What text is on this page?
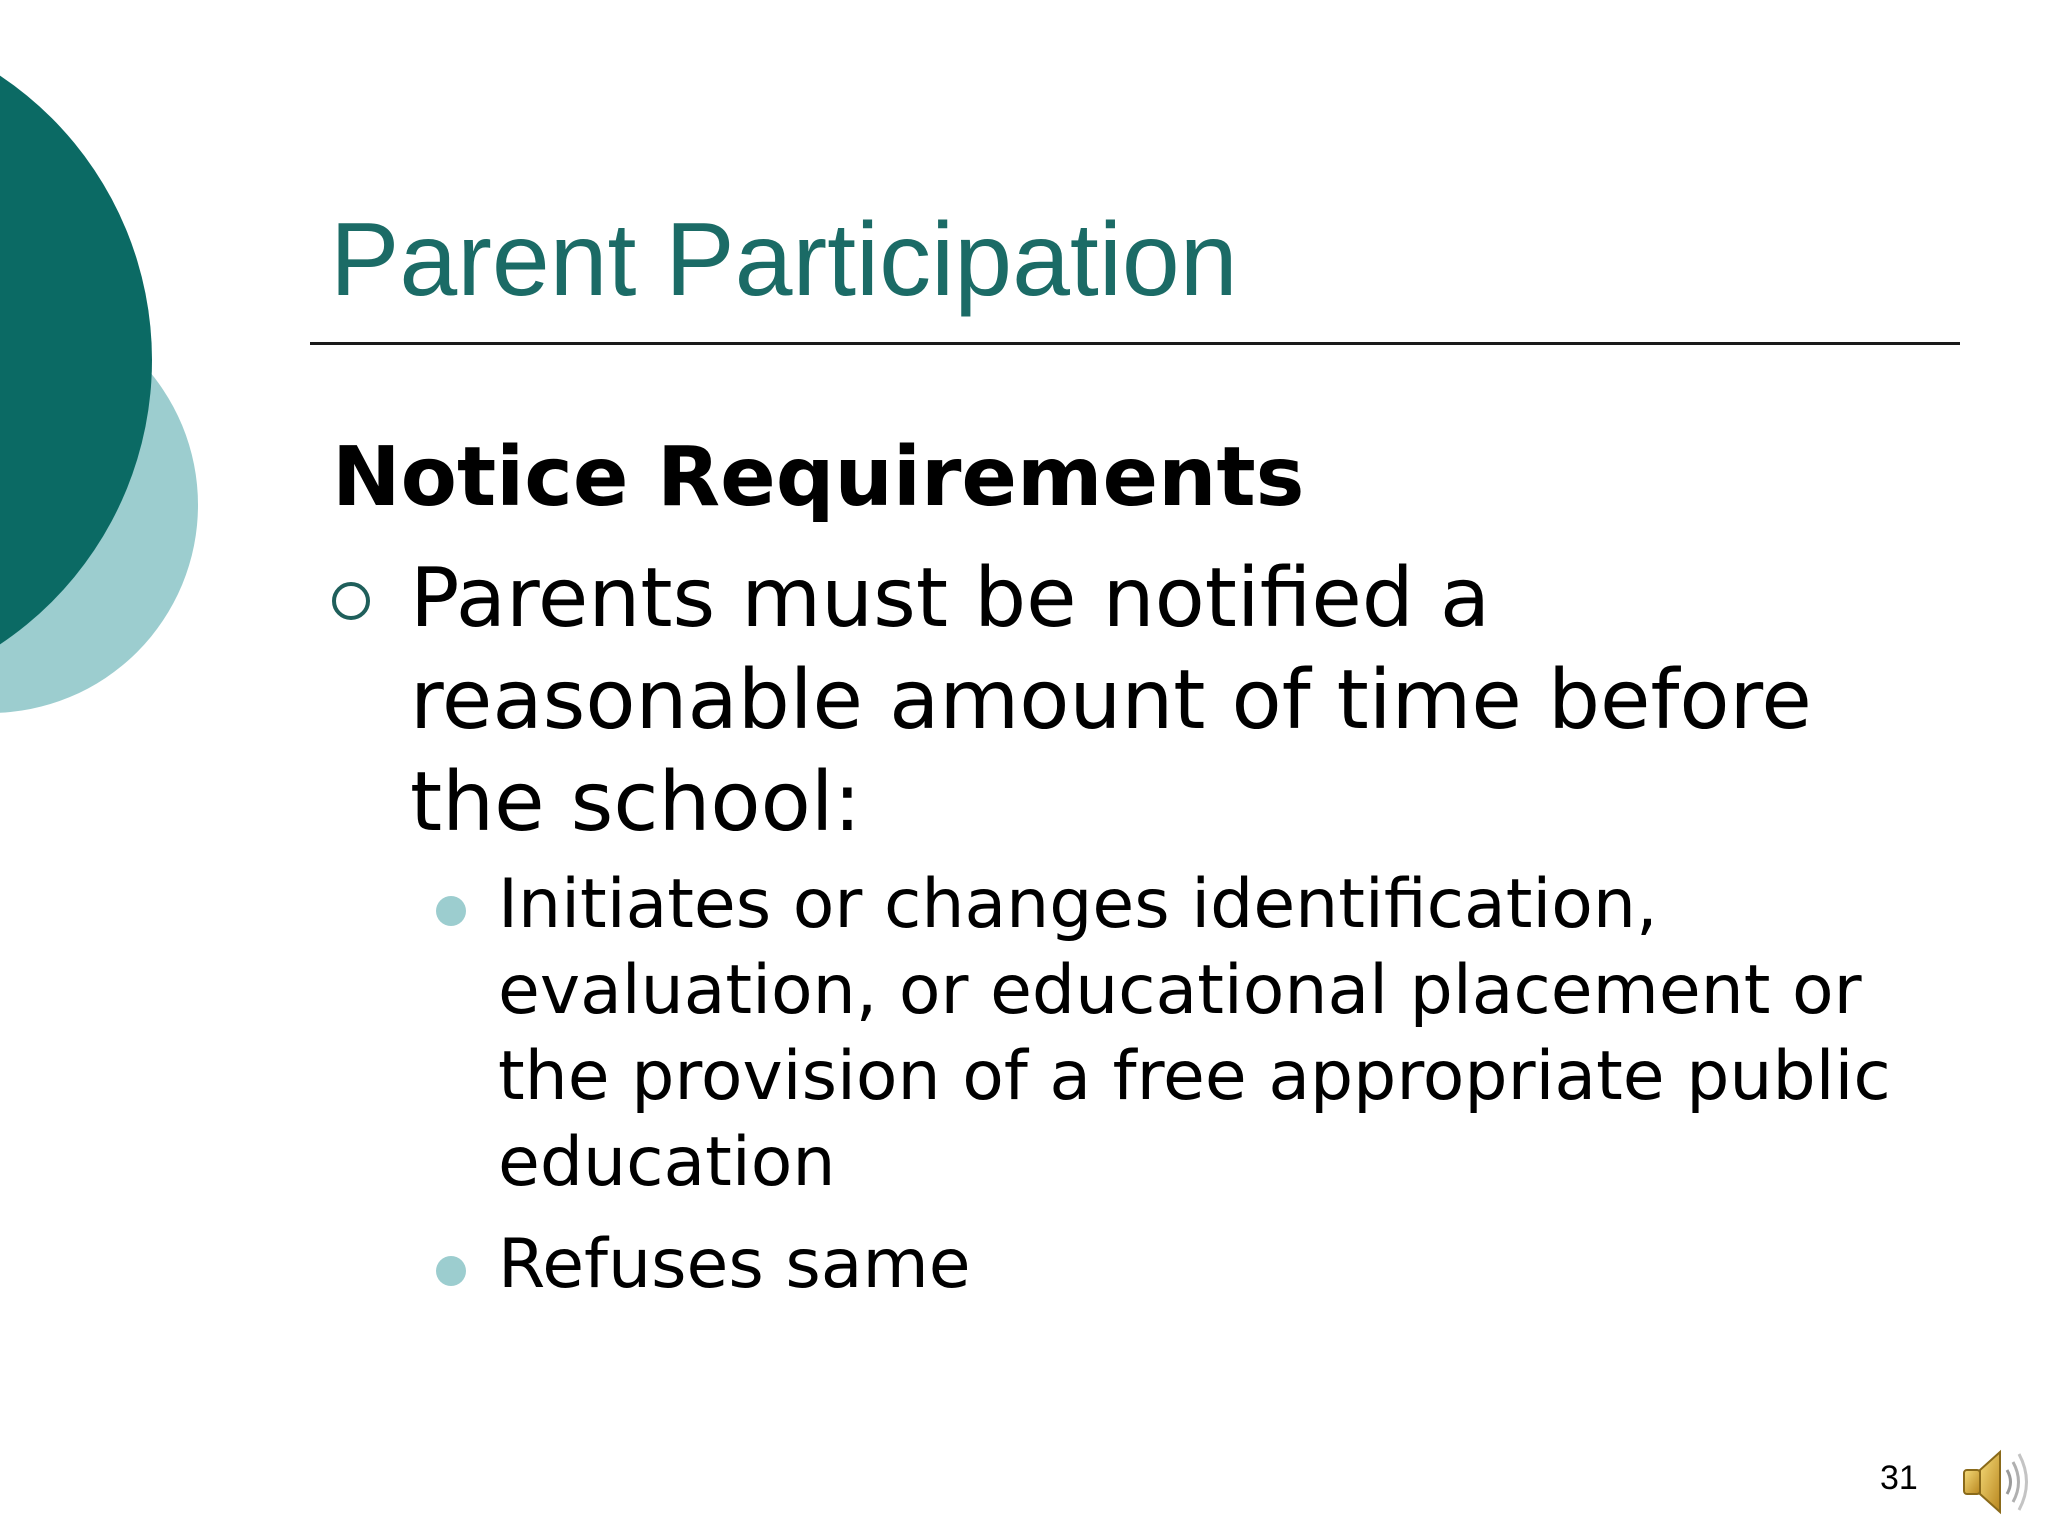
Parent Participation
Notice Requirements
Parents must be notified a reasonable amount of time before the school:
Initiates or changes identification, evaluation, or educational placement or the provision of a free appropriate public education
Refuses same
31
